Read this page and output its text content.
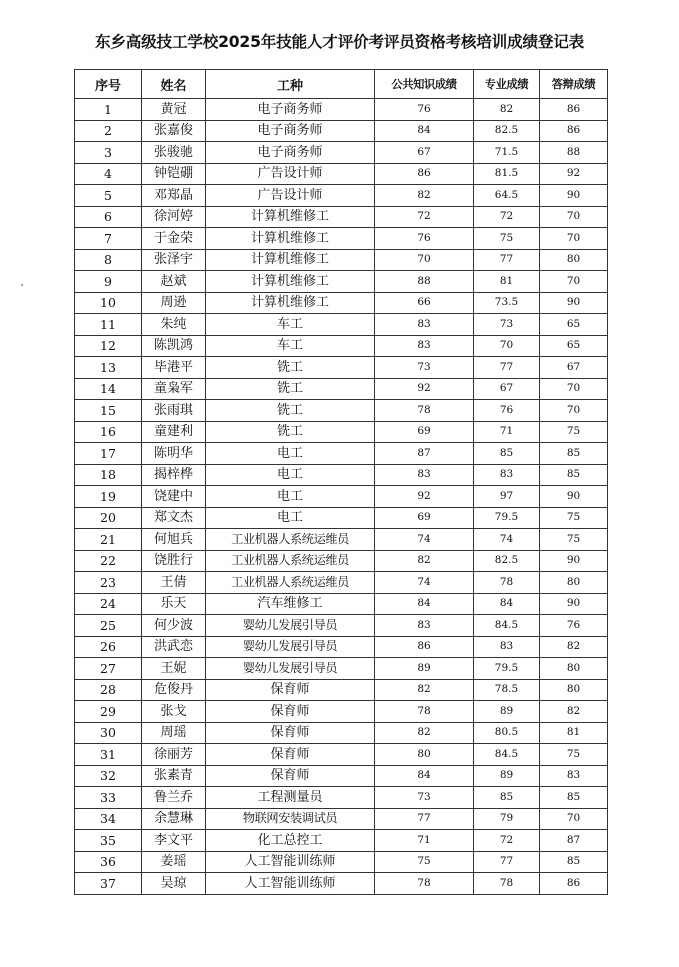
东乡高级技工学校2025年技能人才评价考评员资格考核培训成绩登记表
序号	姓名	工种	公共知识成绩	专业成绩	答辩成绩
1	黄冠	电子商务师	76	82	86
2	张嘉俊	电子商务师	84	82.5	86
3	张骏驰	电子商务师	67	71.5	88
4	钟铠硼	广告设计师	86	81.5	92
5	邓郑晶	广告设计师	82	64.5	90
6	徐河婷	计算机维修工	72	72	70
7	于金荣	计算机维修工	76	75	70
8	张泽宇	计算机维修工	70	77	80
9	赵斌	计算机维修工	88	81	70
10	周逊	计算机维修工	66	73.5	90
11	朱纯	车工	83	73	65
12	陈凯鸿	车工	83	70	65
13	毕港平	铣工	73	77	67
14	童枭军	铣工	92	67	70
15	张雨琪	铣工	78	76	70
16	童建利	铣工	69	71	75
17	陈明华	电工	87	85	85
18	揭梓桦	电工	83	83	85
19	饶建中	电工	92	97	90
20	郑文杰	电工	69	79.5	75
21	何旭兵	工业机器人系统运维员	74	74	75
22	饶胜行	工业机器人系统运维员	82	82.5	90
23	王倩	工业机器人系统运维员	74	78	80
24	乐天	汽车维修工	84	84	90
25	何少波	婴幼儿发展引导员	83	84.5	76
26	洪武恋	婴幼儿发展引导员	86	83	82
27	王妮	婴幼儿发展引导员	89	79.5	80
28	危俊丹	保育师	82	78.5	80
29	张戈	保育师	78	89	82
30	周瑶	保育师	82	80.5	81
31	徐丽芳	保育师	80	84.5	75
32	张素青	保育师	84	89	83
33	鲁兰乔	工程测量员	73	85	85
34	余慧琳	物联网安装调试员	77	79	70
35	李文平	化工总控工	71	72	87
36	姜瑶	人工智能训练师	75	77	85
37	吴琼	人工智能训练师	78	78	86
